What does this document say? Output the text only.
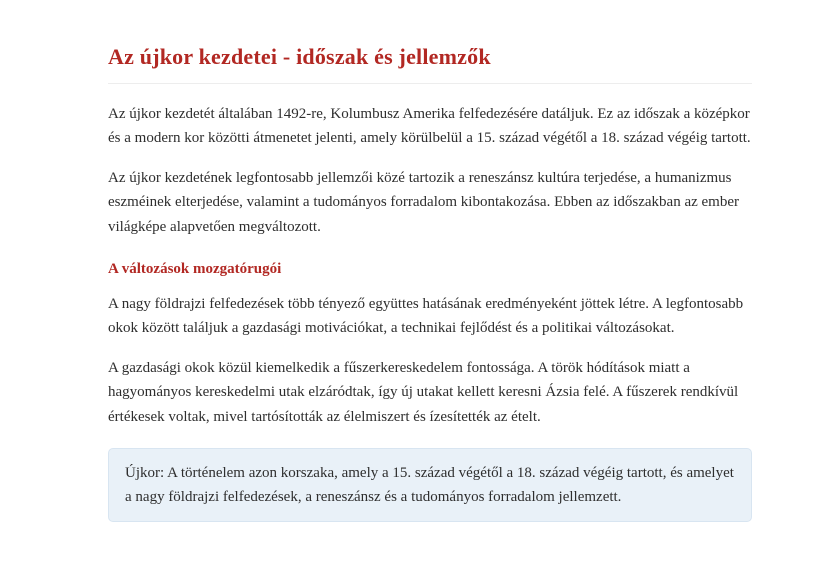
Az újkor kezdetei - időszak és jellemzők

Az újkor kezdetét általában 1492-re, Kolumbusz Amerika felfedezésére datáljuk. Ez az időszak a középkor és a modern kor közötti átmenetet jelenti, amely körülbelül a 15. század végétől a 18. század végéig tartott.

Az újkor kezdetének legfontosabb jellemzői közé tartozik a reneszánsz kultúra terjedése, a humanizmus eszméinek elterjedése, valamint a tudományos forradalom kibontakozása. Ebben az időszakban az ember világképe alapvetően megváltozott.

A változások mozgatórugói

A nagy földrajzi felfedezések több tényező együttes hatásának eredményeként jöttek létre. A legfontosabb okok között találjuk a gazdasági motivációkat, a technikai fejlődést és a politikai változásokat.

A gazdasági okok közül kiemelkedik a fűszerkereskedelem fontossága. A török hódítások miatt a hagyományos kereskedelmi utak elzáródtak, így új utakat kellett keresni Ázsia felé. A fűszerek rendkívül értékesek voltak, mivel tartósították az élelmiszert és ízesítették az ételt.

Újkor: A történelem azon korszaka, amely a 15. század végétől a 18. század végéig tartott, és amelyet a nagy földrajzi felfedezések, a reneszánsz és a tudományos forradalom jellemzett.
